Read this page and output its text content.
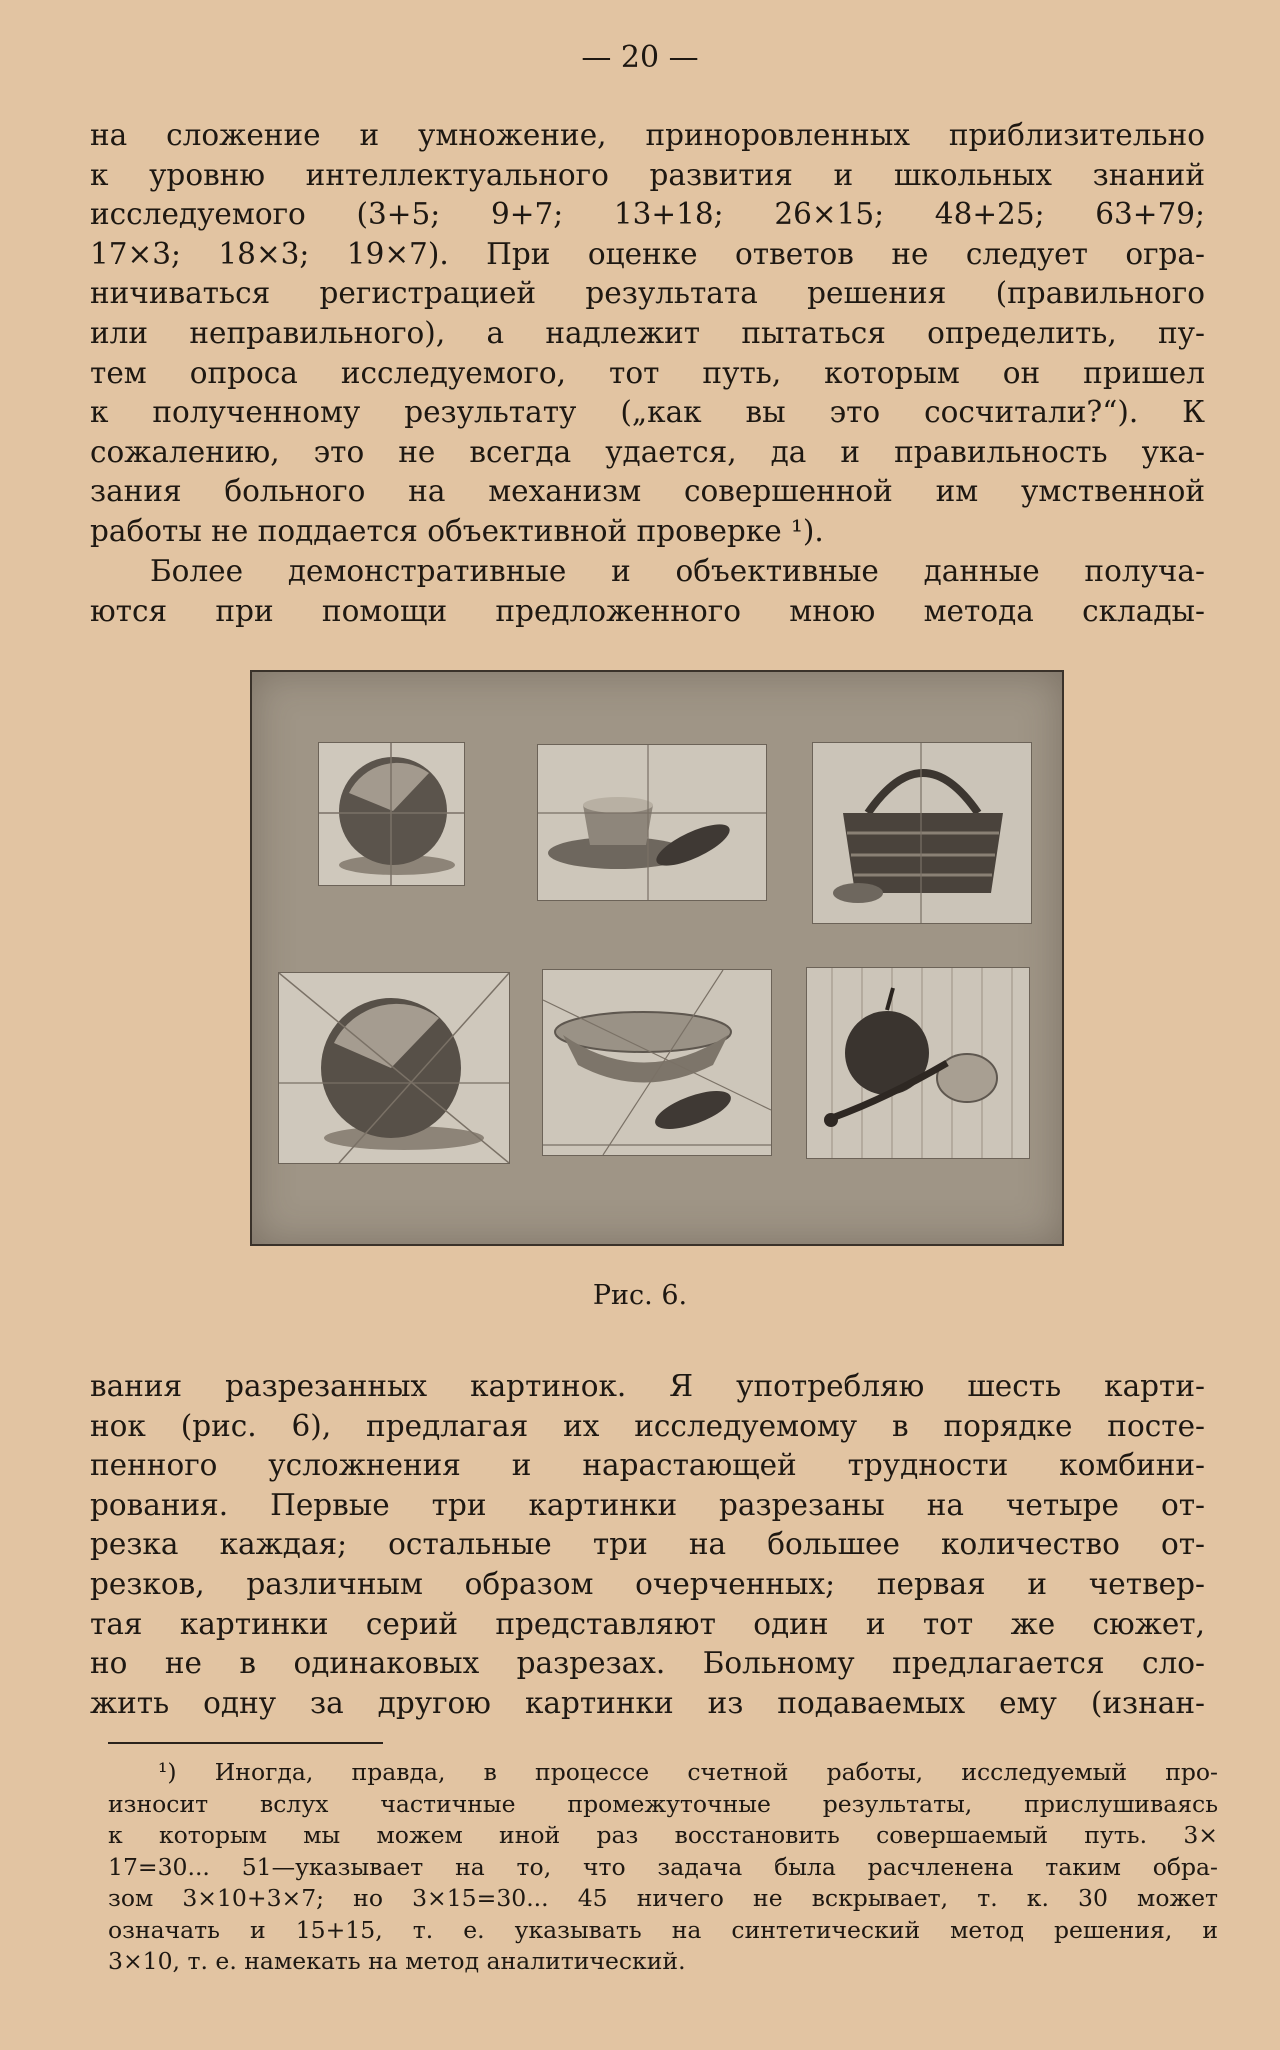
— 20 —
на сложение и умножение, приноровленных приблизительно
к уровню интеллектуального развития и школьных знаний
исследуемого (3+5; 9+7; 13+18; 26×15; 48+25; 63+79;
17×3; 18×3; 19×7). При оценке ответов не следует огра-
ничиваться регистрацией результата решения (правильного
или неправильного), а надлежит пытаться определить, пу-
тем опроса исследуемого, тот путь, которым он пришел
к полученному результату („как вы это сосчитали?“). К
сожалению, это не всегда удается, да и правильность ука-
зания больного на механизм совершенной им умственной
работы не поддается объективной проверке ¹).
Более демонстративные и объективные данные получа-
ются при помощи предложенного мною метода склады-
Рис. 6.
вания разрезанных картинок. Я употребляю шесть карти-
нок (рис. 6), предлагая их исследуемому в порядке посте-
пенного усложнения и нарастающей трудности комбини-
рования. Первые три картинки разрезаны на четыре от-
резка каждая; остальные три на большее количество от-
резков, различным образом очерченных; первая и четвер-
тая картинки серий представляют один и тот же сюжет,
но не в одинаковых разрезах. Больному предлагается сло-
жить одну за другою картинки из подаваемых ему (изнан-
¹) Иногда, правда, в процессе счетной работы, исследуемый про-
износит вслух частичные промежуточные результаты, прислушиваясь
к которым мы можем иной раз восстановить совершаемый путь. 3×
17=30... 51—указывает на то, что задача была расчленена таким обра-
зом 3×10+3×7; но 3×15=30... 45 ничего не вскрывает, т. к. 30 может
означать и 15+15, т. е. указывать на синтетический метод решения, и
3×10, т. е. намекать на метод аналитический.
